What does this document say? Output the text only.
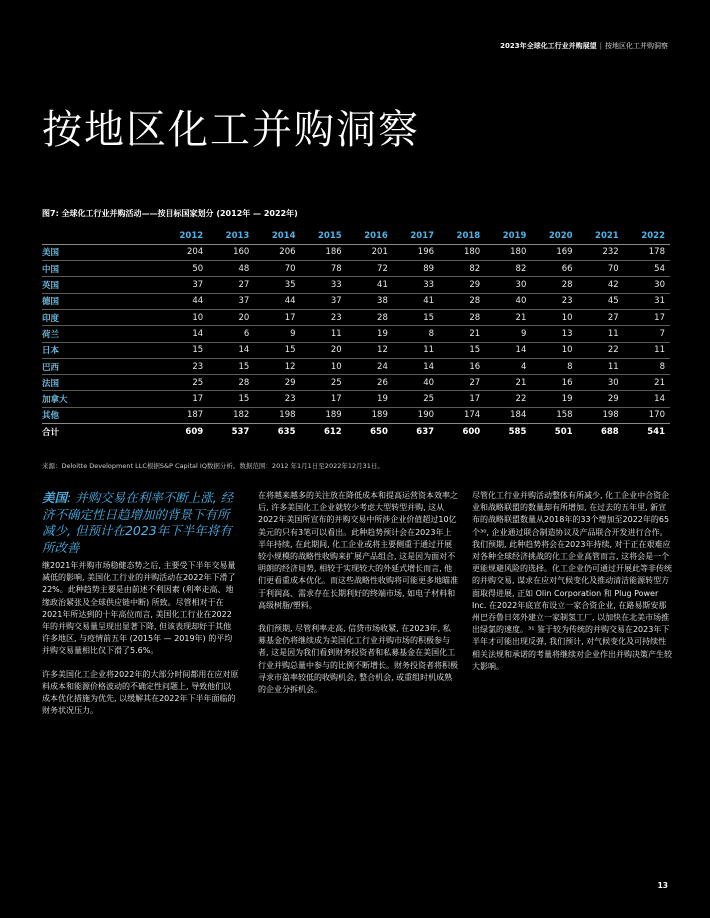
2023年全球化工行业并购展望 | 按地区化工并购洞察
按地区化工并购洞察
图7: 全球化工行业并购活动——按目标国家划分 (2012年 — 2022年)
	2012	2013	2014	2015	2016	2017	2018	2019	2020	2021	2022
美国	204	160	206	186	201	196	180	180	169	232	178
中国	50	48	70	78	72	89	82	82	66	70	54
英国	37	27	35	33	41	33	29	30	28	42	30
德国	44	37	44	37	38	41	28	40	23	45	31
印度	10	20	17	23	28	15	28	21	10	27	17
荷兰	14	6	9	11	19	8	21	9	13	11	7
日本	15	14	15	20	12	11	15	14	10	22	11
巴西	23	15	12	10	24	14	16	4	8	11	8
法国	25	28	29	25	26	40	27	21	16	30	21
加拿大	17	15	23	17	19	25	17	22	19	29	14
其他	187	182	198	189	189	190	174	184	158	198	170
合计	609	537	635	612	650	637	600	585	501	688	541
来源：Deloitte Development LLC根据S&P Capital IQ数据分析。数据范围：2012 年1月1日至2022年12月31日。
美国: 并购交易在利率不断上涨, 经济不确定性日趋增加的背景下有所减少, 但预计在2023年下半年将有所改善

继2021年并购市场稳健态势之后, 主要受下半年交易量减低的影响, 美国化工行业的并购活动在2022年下滑了22%。此种趋势主要是由前述不利因素 (利率走高、地缘政治紧张及全球供应链中断) 所致。尽管相对于在2021年所达到的十年高位而言, 美国化工行业在2022年的并购交易量呈现出显著下降, 但该表现却好于其他许多地区, 与疫情前五年 (2015年 — 2019年) 的平均并购交易量相比仅下滑了5.6%。

许多美国化工企业将2022年的大部分时间都用在应对原料成本和能源价格波动的不确定性问题上, 导致他们以成本优化措施为优先, 以缓解其在2022年下半年面临的财务状况压力。

在将越来越多的关注放在降低成本和提高运营资本效率之后, 许多美国化工企业就较少考虑大型转型并购, 这从2022年美国所宣布的并购交易中所涉企业价值超过10亿美元的只有3笔可以看出。此种趋势预计会在2023年上半年持续, 在此期间, 化工企业或将主要侧重于通过开展较小规模的战略性收购来扩展产品组合, 这是因为面对不明朗的经济局势, 相较于实现较大的外延式增长而言, 他们更看重成本优化。而这些战略性收购将可能更多地瞄准于利润高、需求存在长期利好的终端市场, 如电子材料和高级树脂/塑料。

我们预期, 尽管利率走高, 信贷市场收紧, 在2023年, 私募基金仍将继续成为美国化工行业并购市场的积极参与者, 这是因为我们看到财务投资者和私募基金在美国化工行业并购总量中参与的比例不断增长。财务投资者将积极寻求市盈率较低的收购机会, 整合机会, 或重组时机成熟的企业分拆机会。

尽管化工行业并购活动整体有所减少, 化工企业中合资企业和战略联盟的数量却有所增加, 在过去的五年里, 新宣布的战略联盟数量从2018年的33个增加至2022年的65个³⁰, 企业通过联合制造协议及产品联合开发进行合作。我们预期, 此种趋势将会在2023年持续, 对于正在艰难应对各种全球经济挑战的化工企业高管而言, 这将会是一个更能规避风险的选择。化工企业仍可通过开展此等非传统的并购交易, 谋求在应对气候变化及推动清洁能源转型方面取得进展, 正如 Olin Corporation 和 Plug Power Inc. 在2022年底宣布设立一家合资企业, 在路易斯安那州巴吞鲁日郊外建立一家制氢工厂, 以加快在北美市场推出绿氯的速度。³¹ 鉴于较为传统的并购交易在2023年下半年才可能出现反弹, 我们预计, 对气候变化及可持续性相关法规和承诺的考量将继续对企业作出并购决策产生较大影响。

13
